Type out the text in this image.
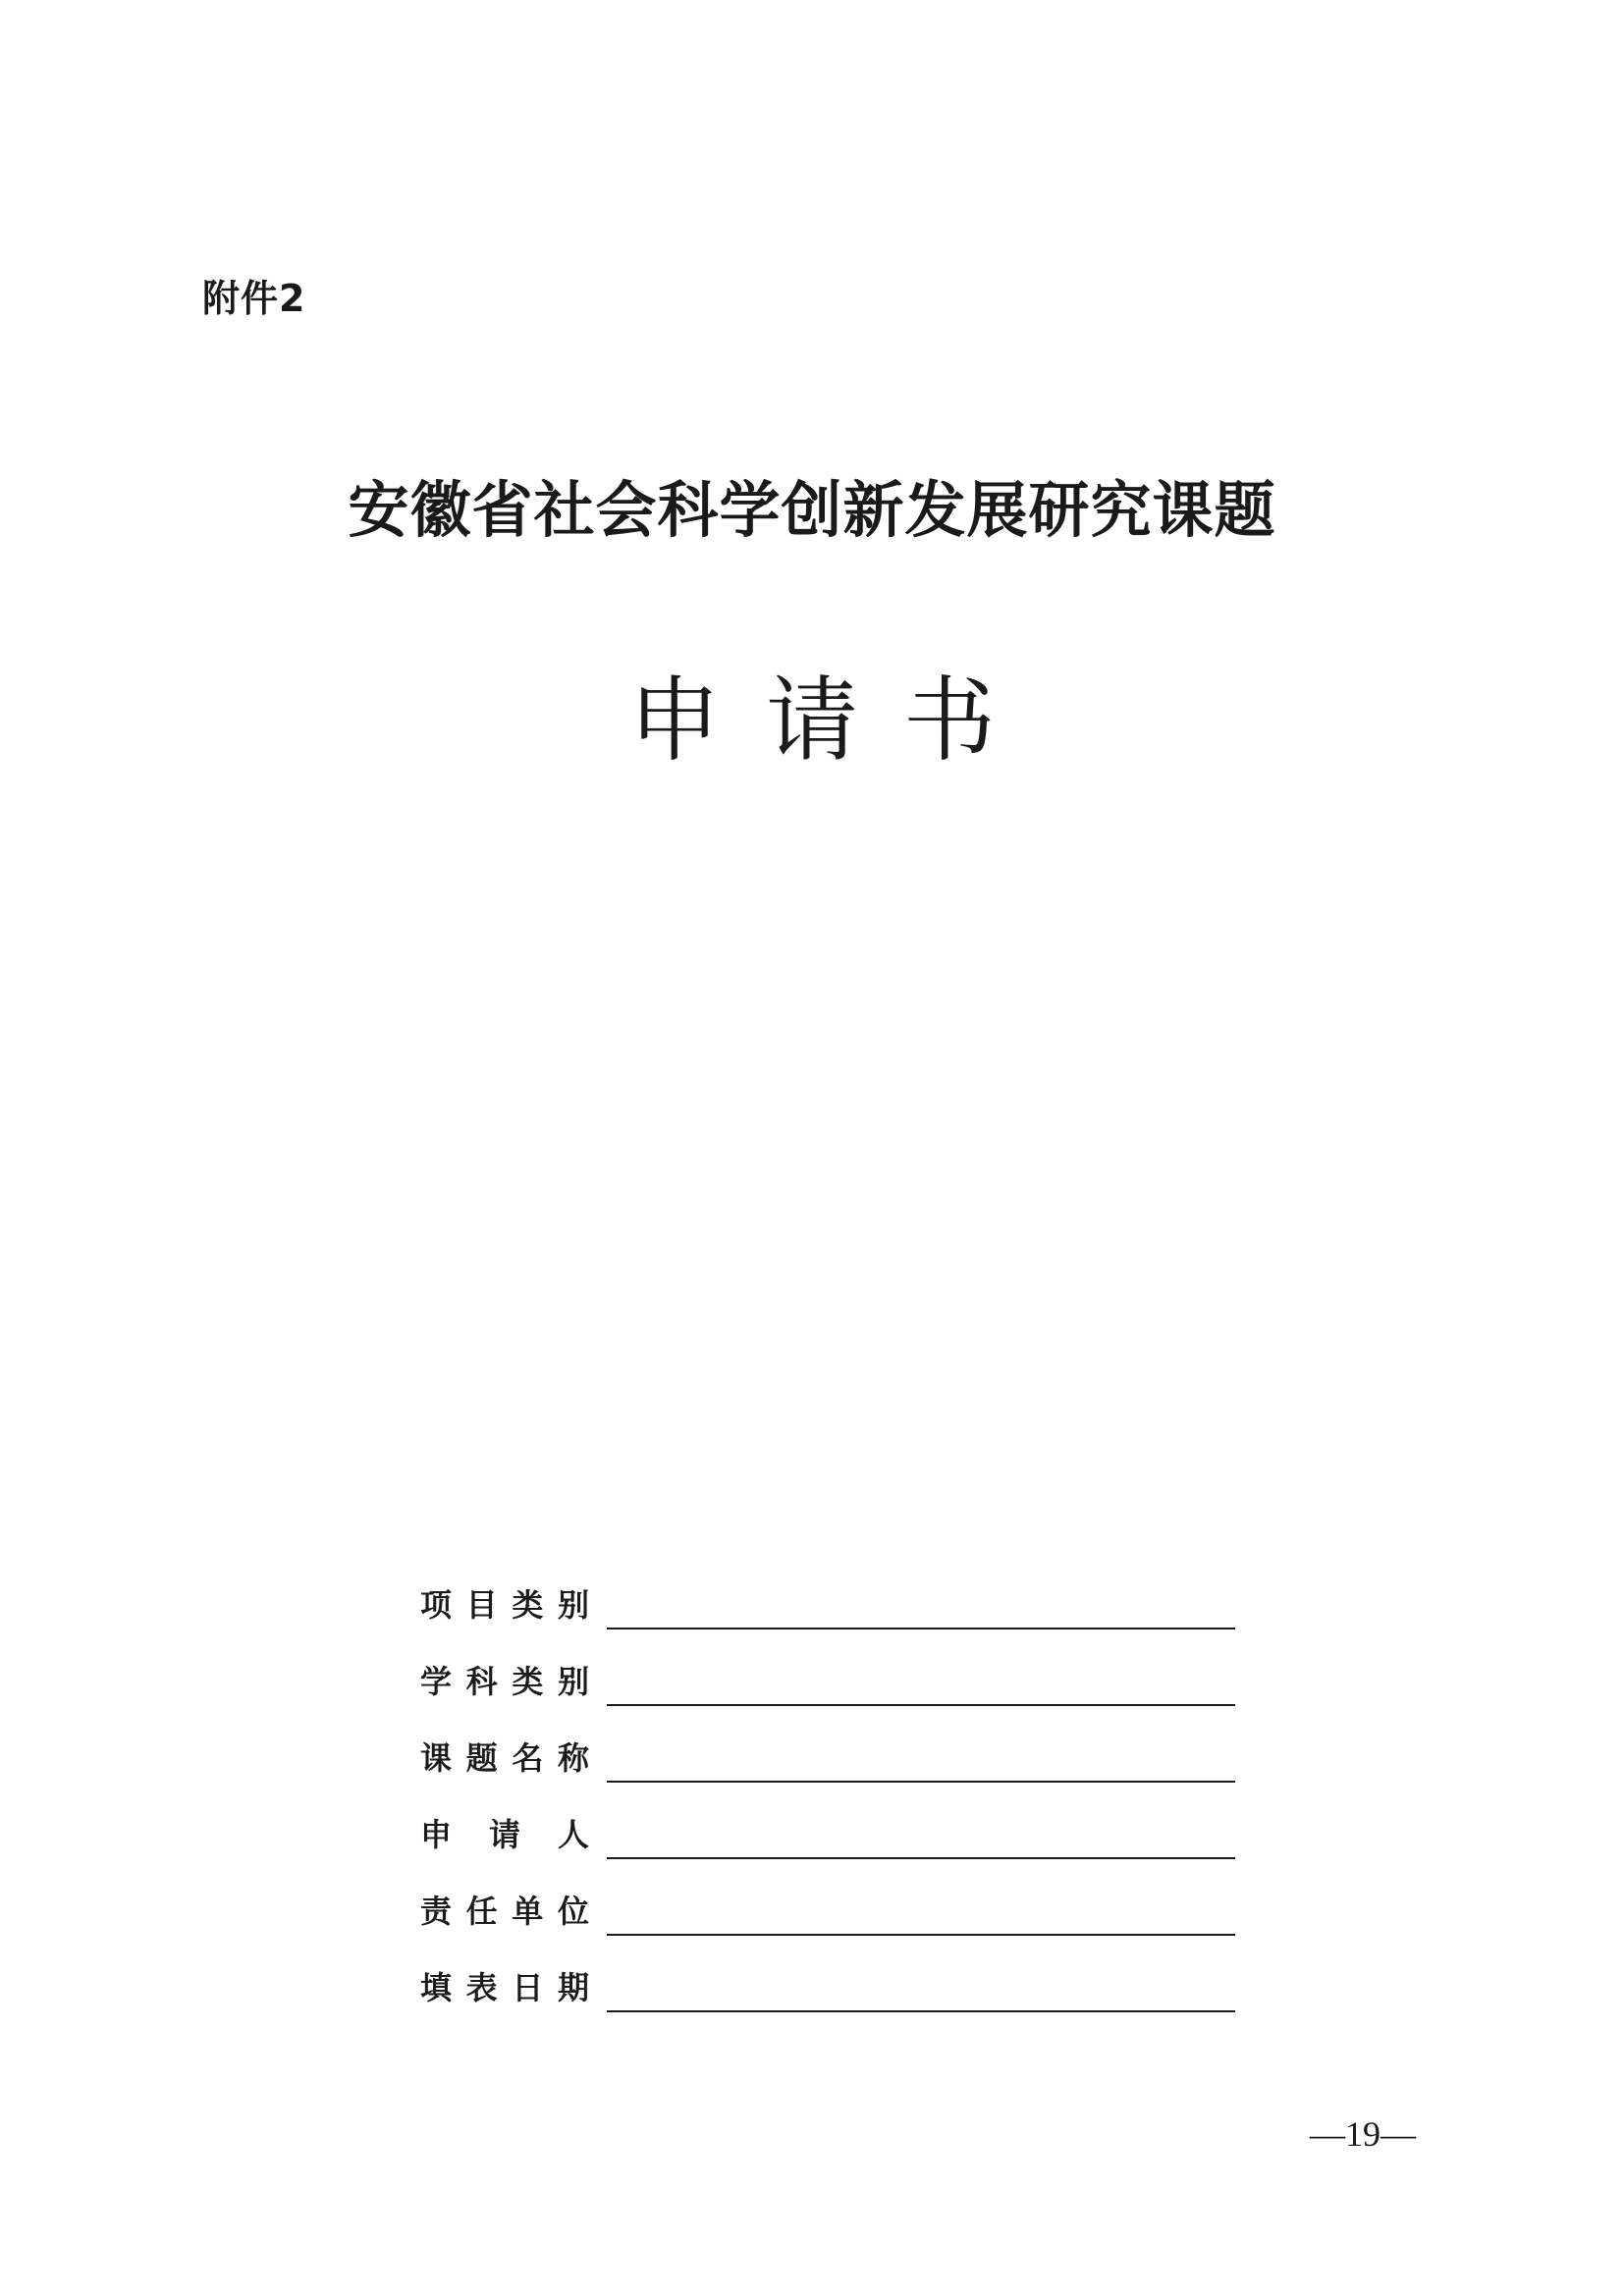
附件2
安徽省社会科学创新发展研究课题
申请书
项 目 类 别
学 科 类 别
课 题 名 称
申 请 人
责 任 单 位
填 表 日 期
—19—
